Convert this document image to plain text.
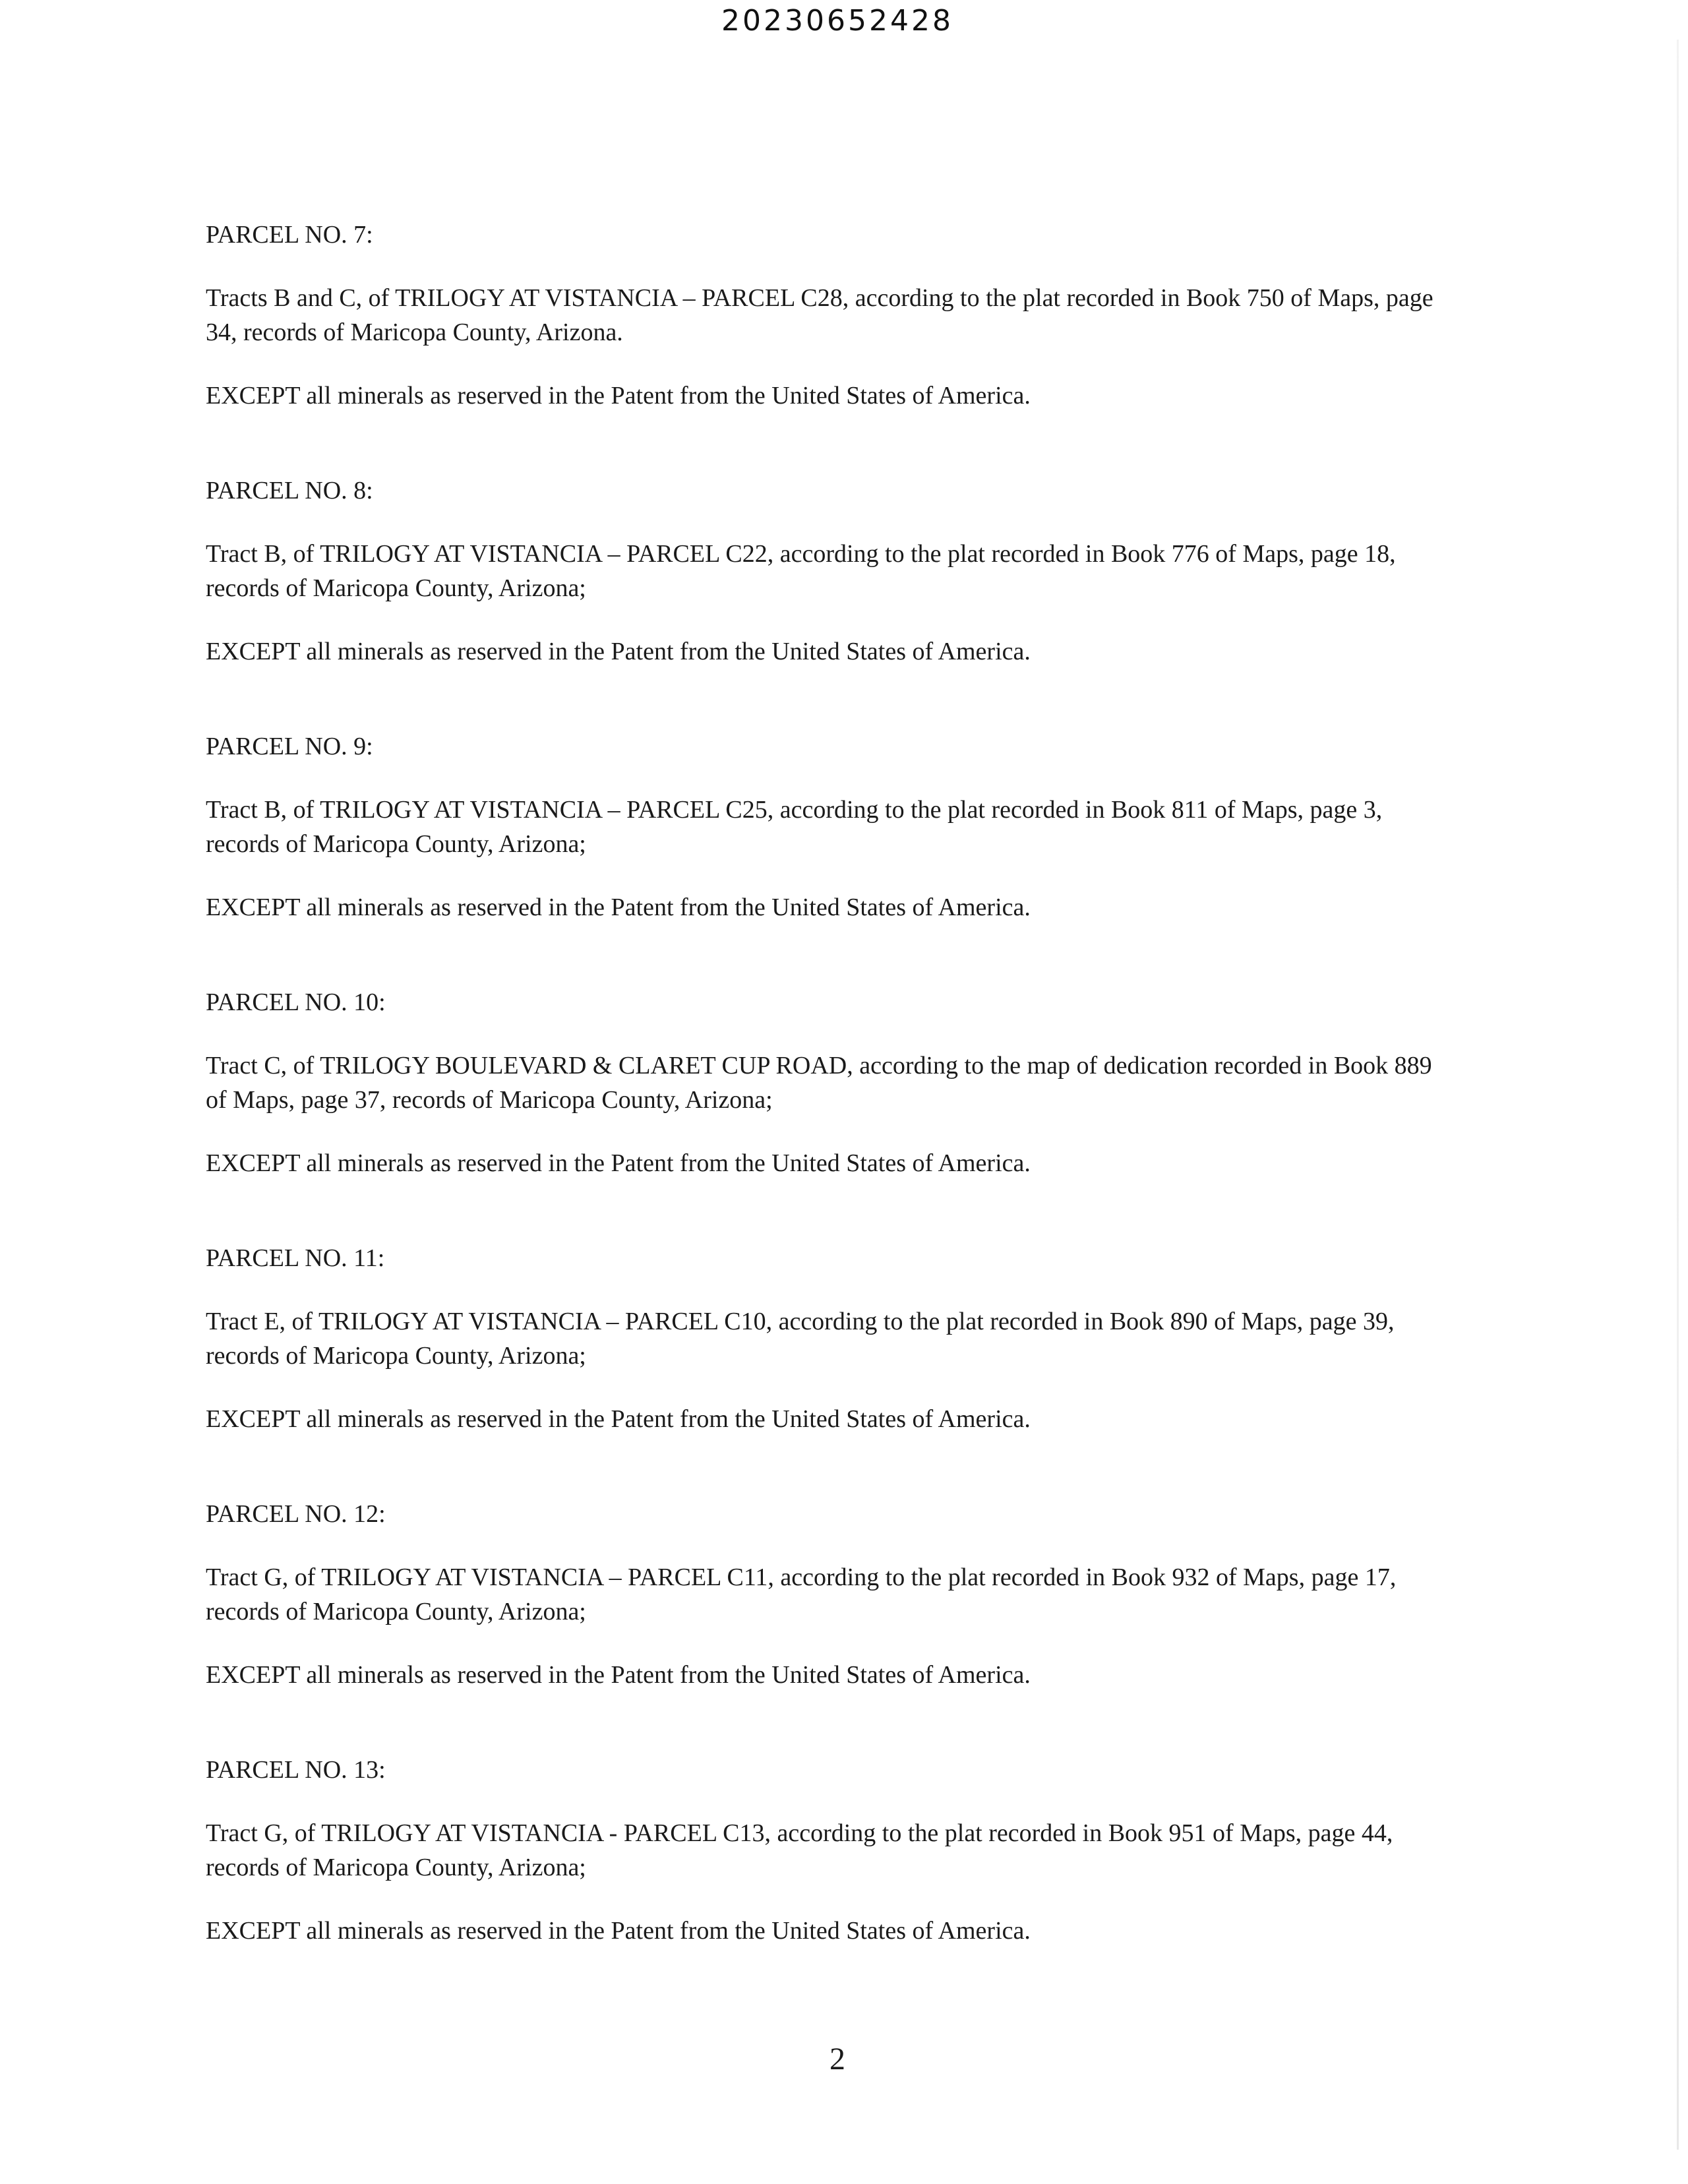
20230652428

PARCEL NO. 7:

Tracts B and C, of TRILOGY AT VISTANCIA – PARCEL C28, according to the plat recorded in Book 750 of Maps, page 34, records of Maricopa County, Arizona.

EXCEPT all minerals as reserved in the Patent from the United States of America.

PARCEL NO. 8:

Tract B, of TRILOGY AT VISTANCIA – PARCEL C22, according to the plat recorded in Book 776 of Maps, page 18, records of Maricopa County, Arizona;

EXCEPT all minerals as reserved in the Patent from the United States of America.

PARCEL NO. 9:

Tract B, of TRILOGY AT VISTANCIA – PARCEL C25, according to the plat recorded in Book 811 of Maps, page 3, records of Maricopa County, Arizona;

EXCEPT all minerals as reserved in the Patent from the United States of America.

PARCEL NO. 10:

Tract C, of TRILOGY BOULEVARD & CLARET CUP ROAD, according to the map of dedication recorded in Book 889 of Maps, page 37, records of Maricopa County, Arizona;

EXCEPT all minerals as reserved in the Patent from the United States of America.

PARCEL NO. 11:

Tract E, of TRILOGY AT VISTANCIA – PARCEL C10, according to the plat recorded in Book 890 of Maps, page 39, records of Maricopa County, Arizona;

EXCEPT all minerals as reserved in the Patent from the United States of America.

PARCEL NO. 12:

Tract G, of TRILOGY AT VISTANCIA – PARCEL C11, according to the plat recorded in Book 932 of Maps, page 17, records of Maricopa County, Arizona;

EXCEPT all minerals as reserved in the Patent from the United States of America.

PARCEL NO. 13:

Tract G, of TRILOGY AT VISTANCIA - PARCEL C13, according to the plat recorded in Book 951 of Maps, page 44, records of Maricopa County, Arizona;

EXCEPT all minerals as reserved in the Patent from the United States of America.

2
